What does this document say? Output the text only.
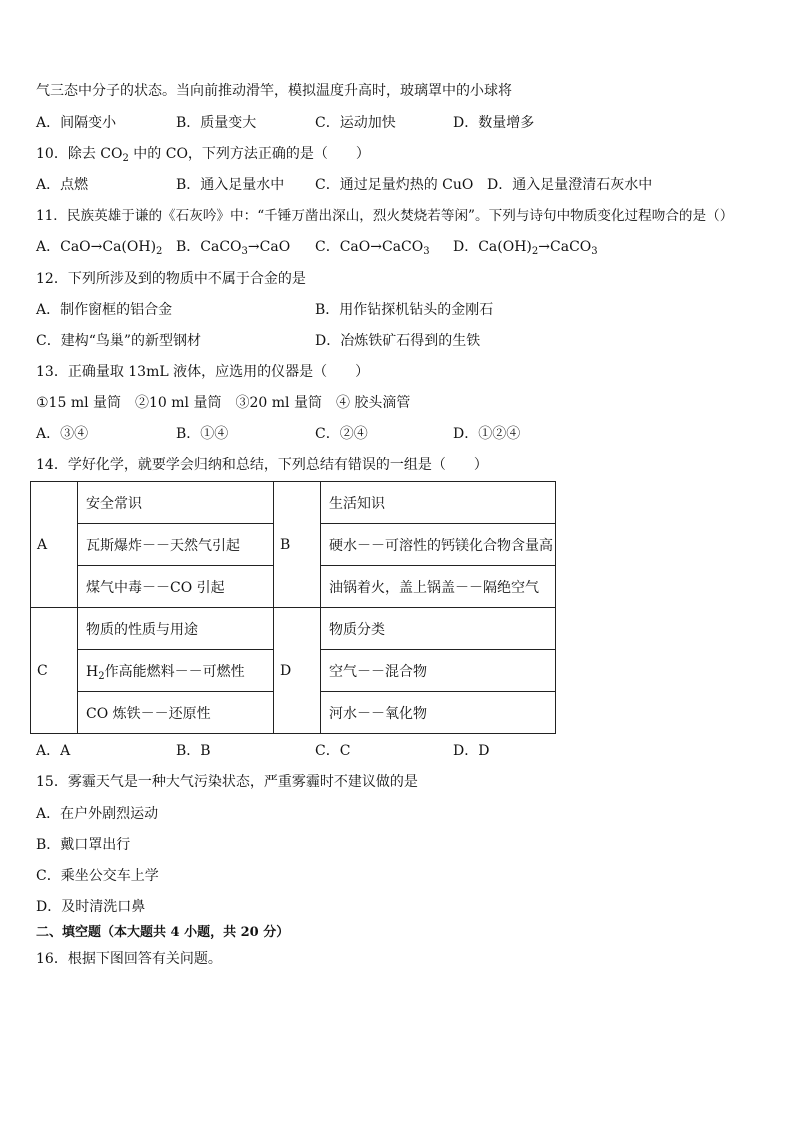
气三态中分子的状态。当向前推动滑竿，模拟温度升高时，玻璃罩中的小球将
A．间隔变小	B．质量变大	C．运动加快	D．数量增多
10．除去 $CO_2$ 中的 CO，下列方法正确的是（　　）
A．点燃	B．通入足量水中 C．通过足量灼热的 CuO D．通入足量澄清石灰水中
11．民族英雄于谦的《石灰吟》中：“千锤万凿出深山，烈火焚烧若等闲”。下列与诗句中物质变化过程吻合的是（）
A．$CaO\to Ca(OH)_2$ B．CaCO$_3$→CaO C．CaO→CaCO$_3$ D．$Ca(OH)_2\to CaCO_3$
12．下列所涉及到的物质中不属于合金的是
A．制作窗框的铝合金	B．用作钻探机钻头的金刚石
C．建构“鸟巢”的新型钢材	D．冶炼铁矿石得到的生铁
13．正确量取 13mL 液体，应选用的仪器是（　　）
①15 ml 量筒　②10 ml 量筒　③20 ml 量筒　④ 胶头滴管
A．③④	B．①④	C．②④	D．①②④
14．学好化学，就要学会归纳和总结，下列总结有错误的一组是（　　）
A	安全常识	B	生活知识
	瓦斯爆炸－－天然气引起		硬水－－可溶性的钙镁化合物含量高
	煤气中毒－－CO 引起		油锅着火，盖上锅盖－－隔绝空气
C	物质的性质与用途	D	物质分类
	$H_2$作高能燃料－－可燃性		空气－－混合物
	CO 炼铁－－还原性		河水－－氧化物
A．A	B．B	C．C	D．D
15．雾霾天气是一种大气污染状态，严重雾霾时不建议做的是
A．在户外剧烈运动
B．戴口罩出行
C．乘坐公交车上学
D．及时清洗口鼻
二、填空题（本大题共 4 小题，共 20 分）
16．根据下图回答有关问题。
